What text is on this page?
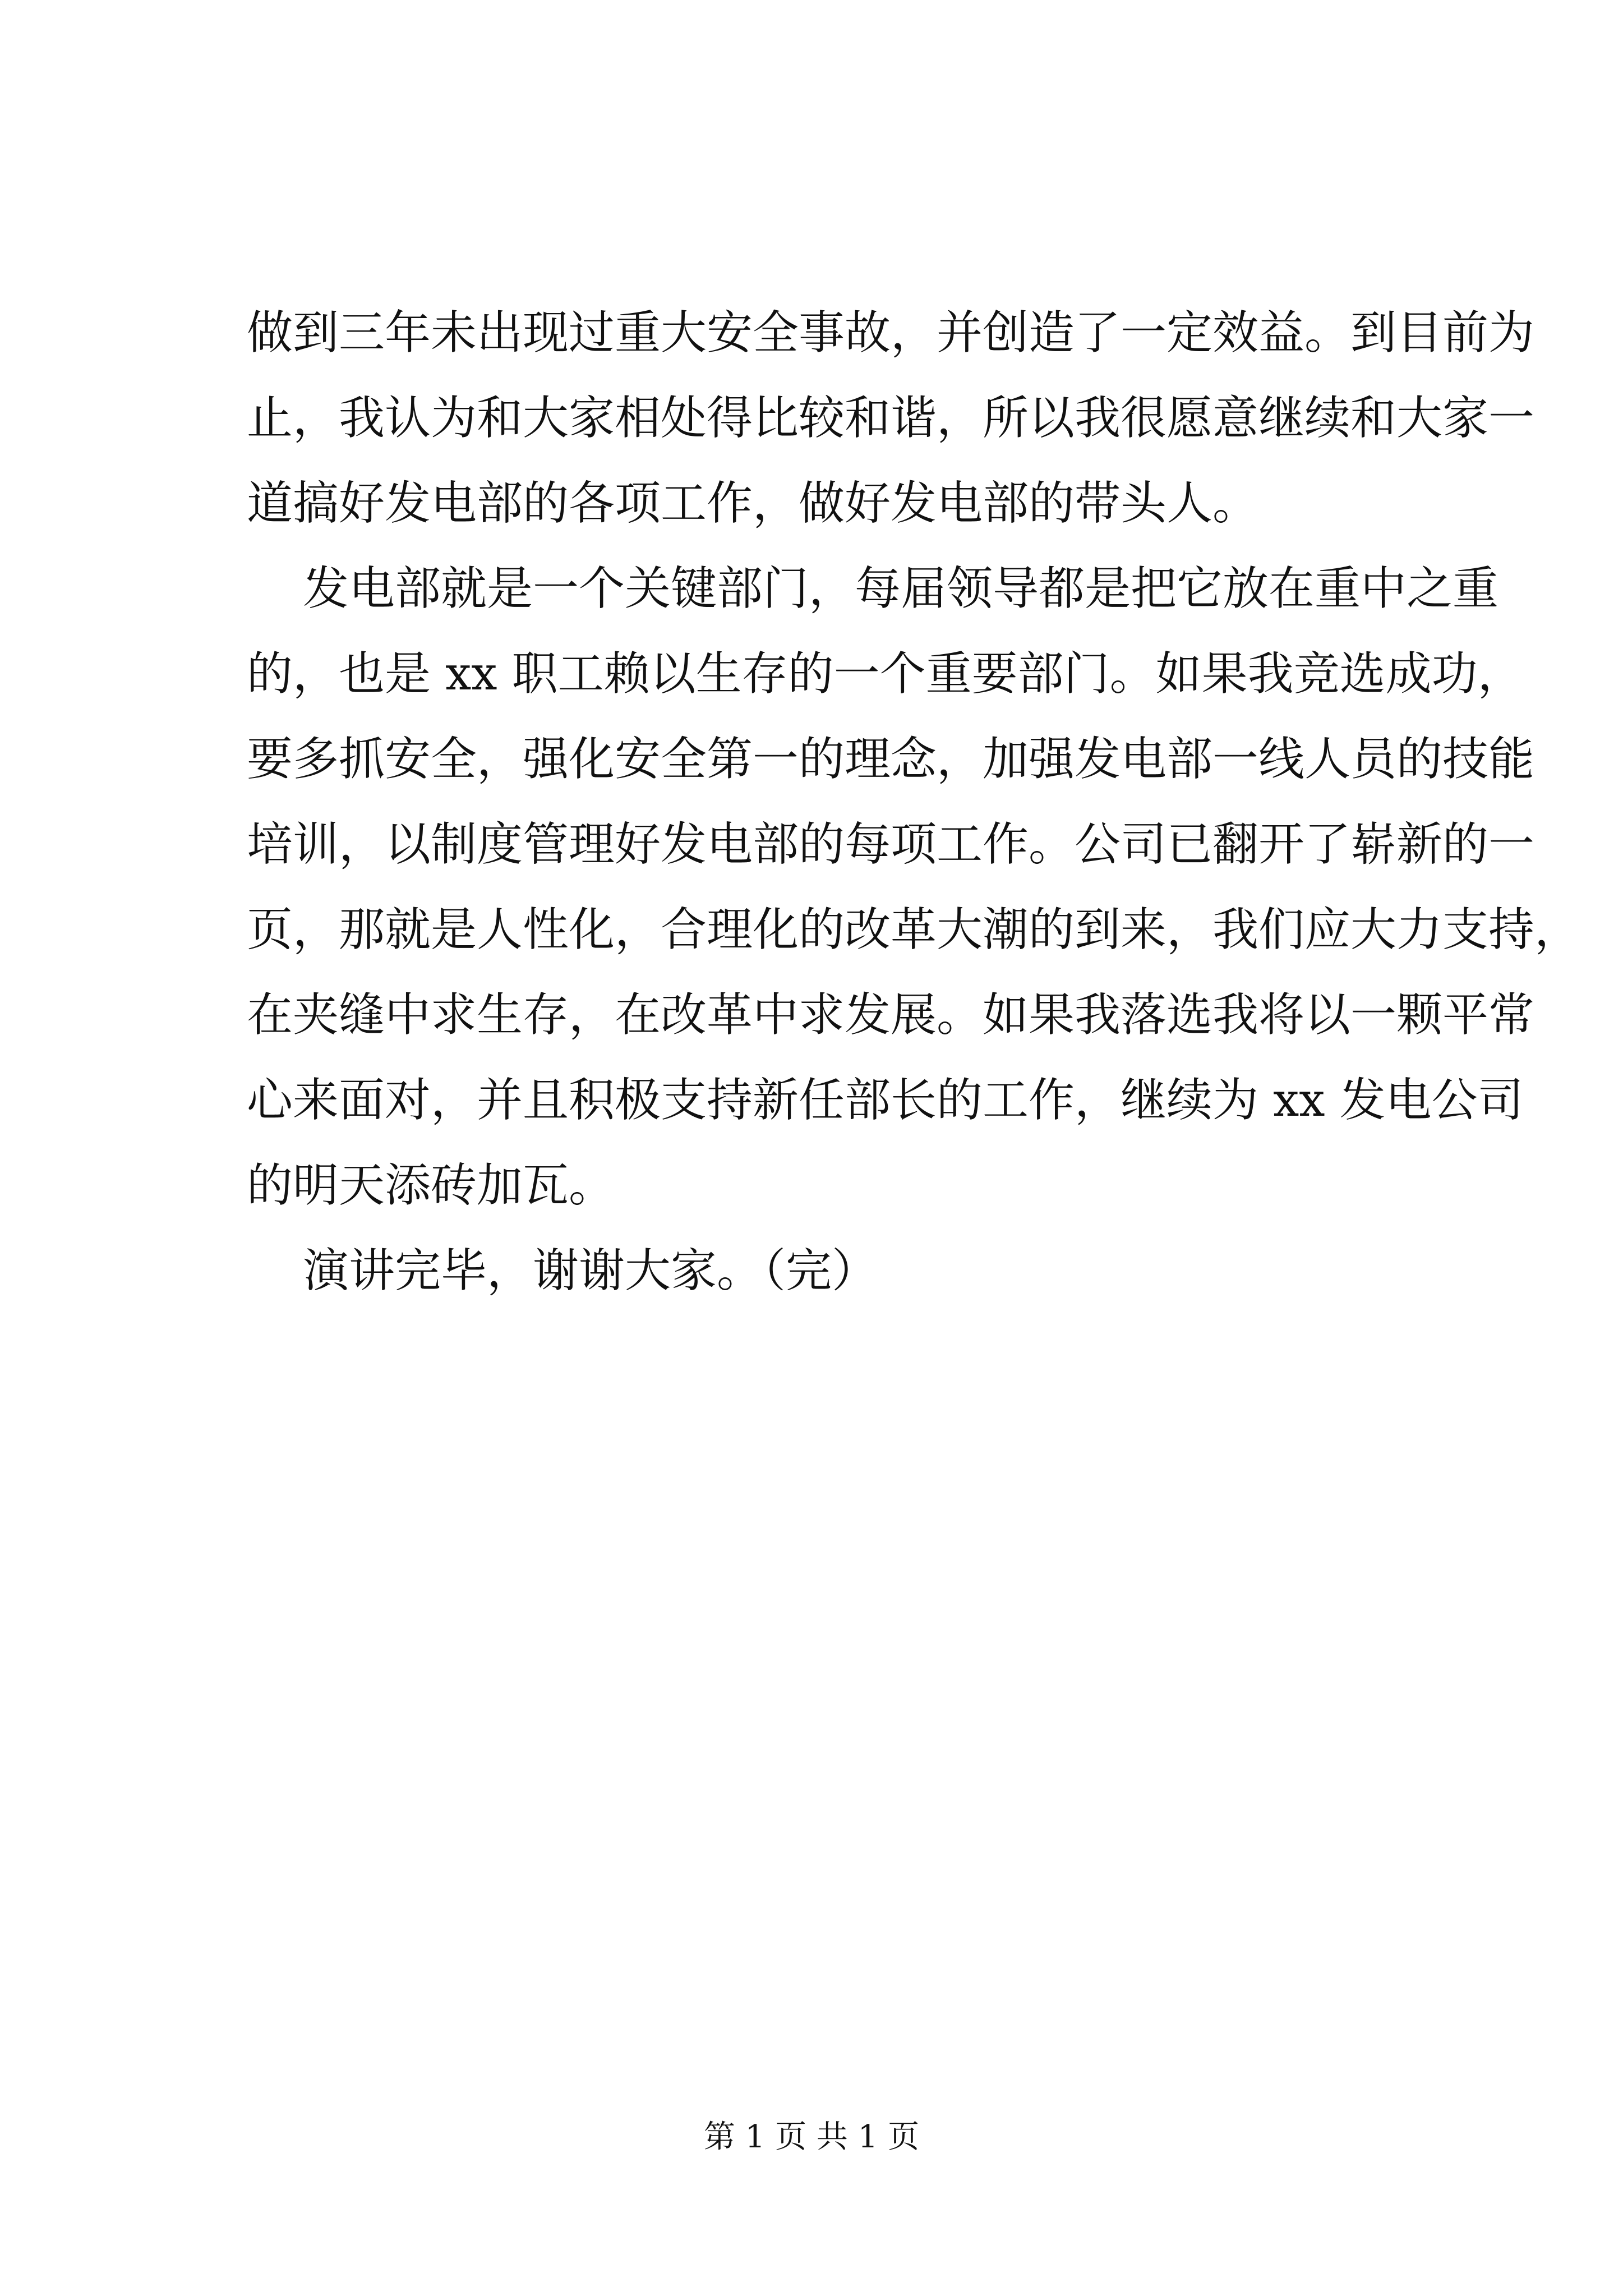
做到三年未出现过重大安全事故，并创造了一定效益。到目前为
止，我认为和大家相处得比较和谐，所以我很愿意继续和大家一
道搞好发电部的各项工作，做好发电部的带头人。
发电部就是一个关键部门，每届领导都是把它放在重中之重
的，也是 xx 职工赖以生存的一个重要部门。如果我竞选成功，
要多抓安全，强化安全第一的理念，加强发电部一线人员的技能
培训，以制度管理好发电部的每项工作。公司已翻开了崭新的一
页，那就是人性化，合理化的改革大潮的到来，我们应大力支持，
在夹缝中求生存，在改革中求发展。如果我落选我将以一颗平常
心来面对，并且积极支持新任部长的工作，继续为 xx 发电公司
的明天添砖加瓦。
演讲完毕，谢谢大家。（完）
第 1 页 共 1 页
